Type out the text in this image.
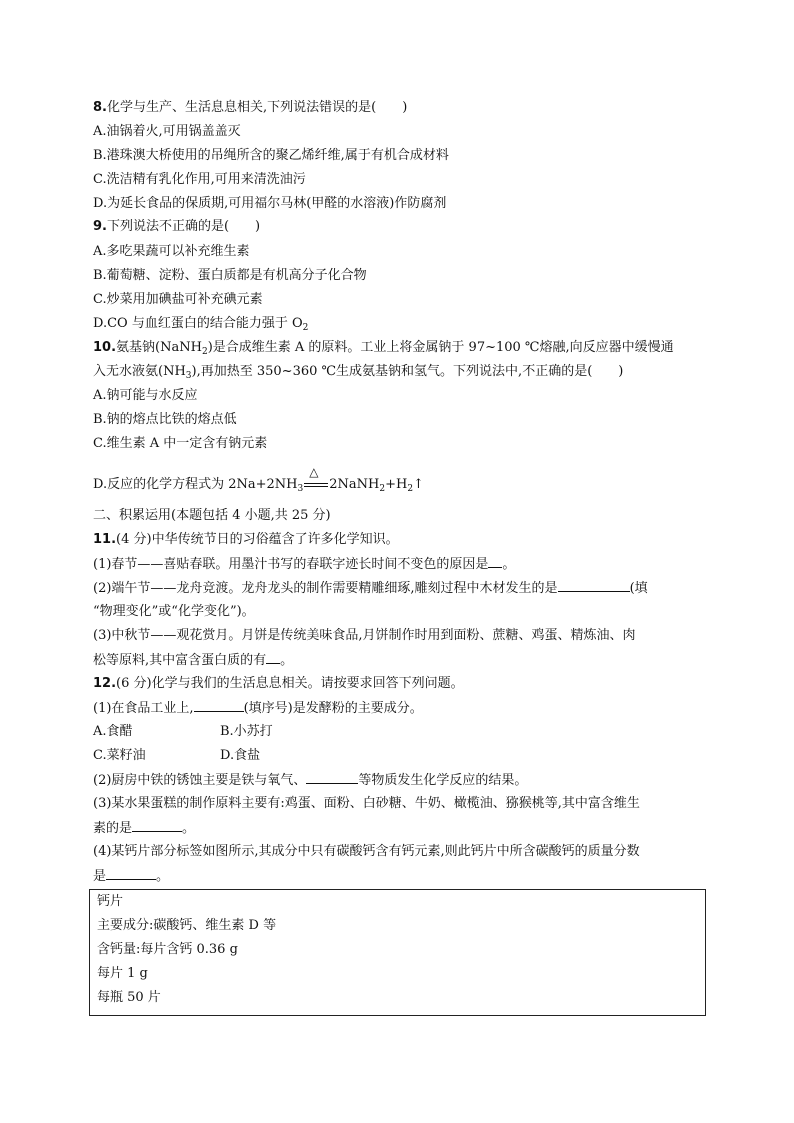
8.化学与生产、生活息息相关,下列说法错误的是(　　)
A.油锅着火,可用锅盖盖灭
B.港珠澳大桥使用的吊绳所含的聚乙烯纤维,属于有机合成材料
C.洗洁精有乳化作用,可用来清洗油污
D.为延长食品的保质期,可用福尔马林(甲醛的水溶液)作防腐剂
9.下列说法不正确的是(　　)
A.多吃果蔬可以补充维生素
B.葡萄糖、淀粉、蛋白质都是有机高分子化合物
C.炒菜用加碘盐可补充碘元素
D.CO 与血红蛋白的结合能力强于 $O_2$
10.氨基钠(NaNH$_2$)是合成维生素 A 的原料。工业上将金属钠于 97~100 ℃熔融,向反应器中缓慢通
入无水液氨$(NH_3)$,再加热至 350~360 ℃生成氨基钠和氢气。下列说法中,不正确的是(　　)
A.钠可能与水反应
B.钠的熔点比铁的熔点低
C.维生素 A 中一定含有钠元素
D.反应的化学方程式为 $2Na+2NH_3$
△
$2NaNH_2+H_2↑$
二、积累运用(本题包括 4 小题,共 25 分)
11.(4 分)中华传统节日的习俗蕴含了许多化学知识。
(1)春节——喜贴春联。用墨汁书写的春联字迹长时间不变色的原因是 。
(2)端午节——龙舟竞渡。龙舟龙头的制作需要精雕细琢,雕刻过程中木材发生的是	(填
“物理变化”或“化学变化”)。
(3)中秋节——观花赏月。月饼是传统美味食品,月饼制作时用到面粉、蔗糖、鸡蛋、精炼油、肉
松等原料,其中富含蛋白质的有 。
12.(6 分)化学与我们的生活息息相关。请按要求回答下列问题。
(1)在食品工业上,	(填序号)是发酵粉的主要成分。
A.食醋	B.小苏打
C.菜籽油	D.食盐
(2)厨房中铁的锈蚀主要是铁与氧气、	等物质发生化学反应的结果。
(3)某水果蛋糕的制作原料主要有:鸡蛋、面粉、白砂糖、牛奶、橄榄油、猕猴桃等,其中富含维生
素的是	。
(4)某钙片部分标签如图所示,其成分中只有碳酸钙含有钙元素,则此钙片中所含碳酸钙的质量分数
是	。
钙片
主要成分:碳酸钙、维生素 D 等
含钙量:每片含钙 0.36 g
每片 1 g
每瓶 50 片
